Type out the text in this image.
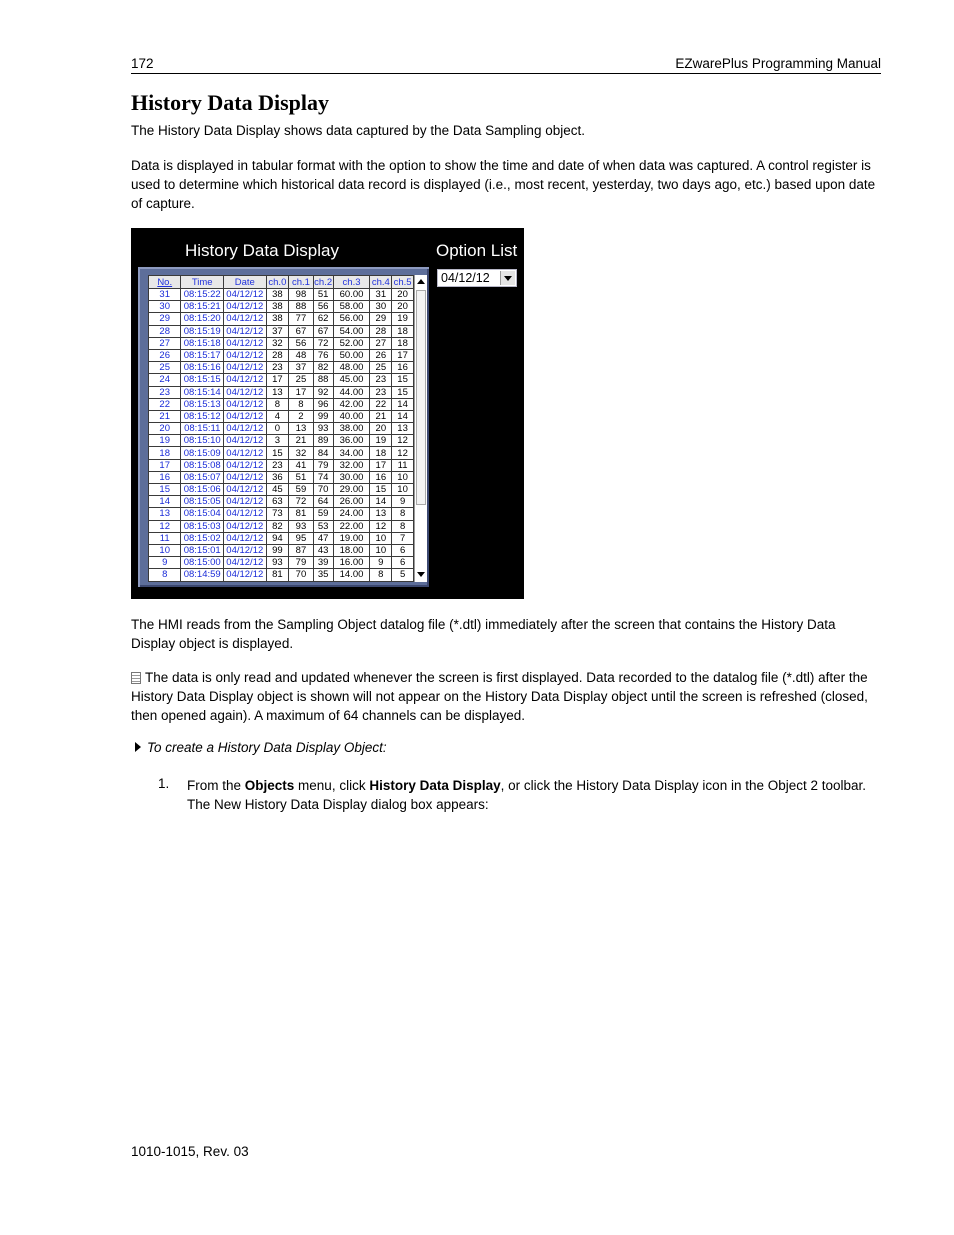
172	EZwarePlus Programming Manual
History Data Display

The History Data Display shows data captured by the Data Sampling object.

Data is displayed in tabular format with the option to show the time and date of when data was captured. A control register is used to determine which historical data record is displayed (i.e., most recent, yesterday, two days ago, etc.) based upon date of capture.

History Data Display	Option List
04/12/12
No.	Time	Date	ch.0	ch.1	ch.2	ch.3	ch.4	ch.5
31	08:15:22	04/12/12	38	98	51	60.00	31	20
30	08:15:21	04/12/12	38	88	56	58.00	30	20
29	08:15:20	04/12/12	38	77	62	56.00	29	19
28	08:15:19	04/12/12	37	67	67	54.00	28	18
27	08:15:18	04/12/12	32	56	72	52.00	27	18
26	08:15:17	04/12/12	28	48	76	50.00	26	17
25	08:15:16	04/12/12	23	37	82	48.00	25	16
24	08:15:15	04/12/12	17	25	88	45.00	23	15
23	08:15:14	04/12/12	13	17	92	44.00	23	15
22	08:15:13	04/12/12	8	8	96	42.00	22	14
21	08:15:12	04/12/12	4	2	99	40.00	21	14
20	08:15:11	04/12/12	0	13	93	38.00	20	13
19	08:15:10	04/12/12	3	21	89	36.00	19	12
18	08:15:09	04/12/12	15	32	84	34.00	18	12
17	08:15:08	04/12/12	23	41	79	32.00	17	11
16	08:15:07	04/12/12	36	51	74	30.00	16	10
15	08:15:06	04/12/12	45	59	70	29.00	15	10
14	08:15:05	04/12/12	63	72	64	26.00	14	9
13	08:15:04	04/12/12	73	81	59	24.00	13	8
12	08:15:03	04/12/12	82	93	53	22.00	12	8
11	08:15:02	04/12/12	94	95	47	19.00	10	7
10	08:15:01	04/12/12	99	87	43	18.00	10	6
9	08:15:00	04/12/12	93	79	39	16.00	9	6
8	08:14:59	04/12/12	81	70	35	14.00	8	5

The HMI reads from the Sampling Object datalog file (*.dtl) immediately after the screen that contains the History Data Display object is displayed.

The data is only read and updated whenever the screen is first displayed. Data recorded to the datalog file (*.dtl) after the History Data Display object is shown will not appear on the History Data Display object until the screen is refreshed (closed, then opened again). A maximum of 64 channels can be displayed.

To create a History Data Display Object:
1. From the Objects menu, click History Data Display, or click the History Data Display icon in the Object 2 toolbar. The New History Data Display dialog box appears:
1010-1015, Rev. 03
